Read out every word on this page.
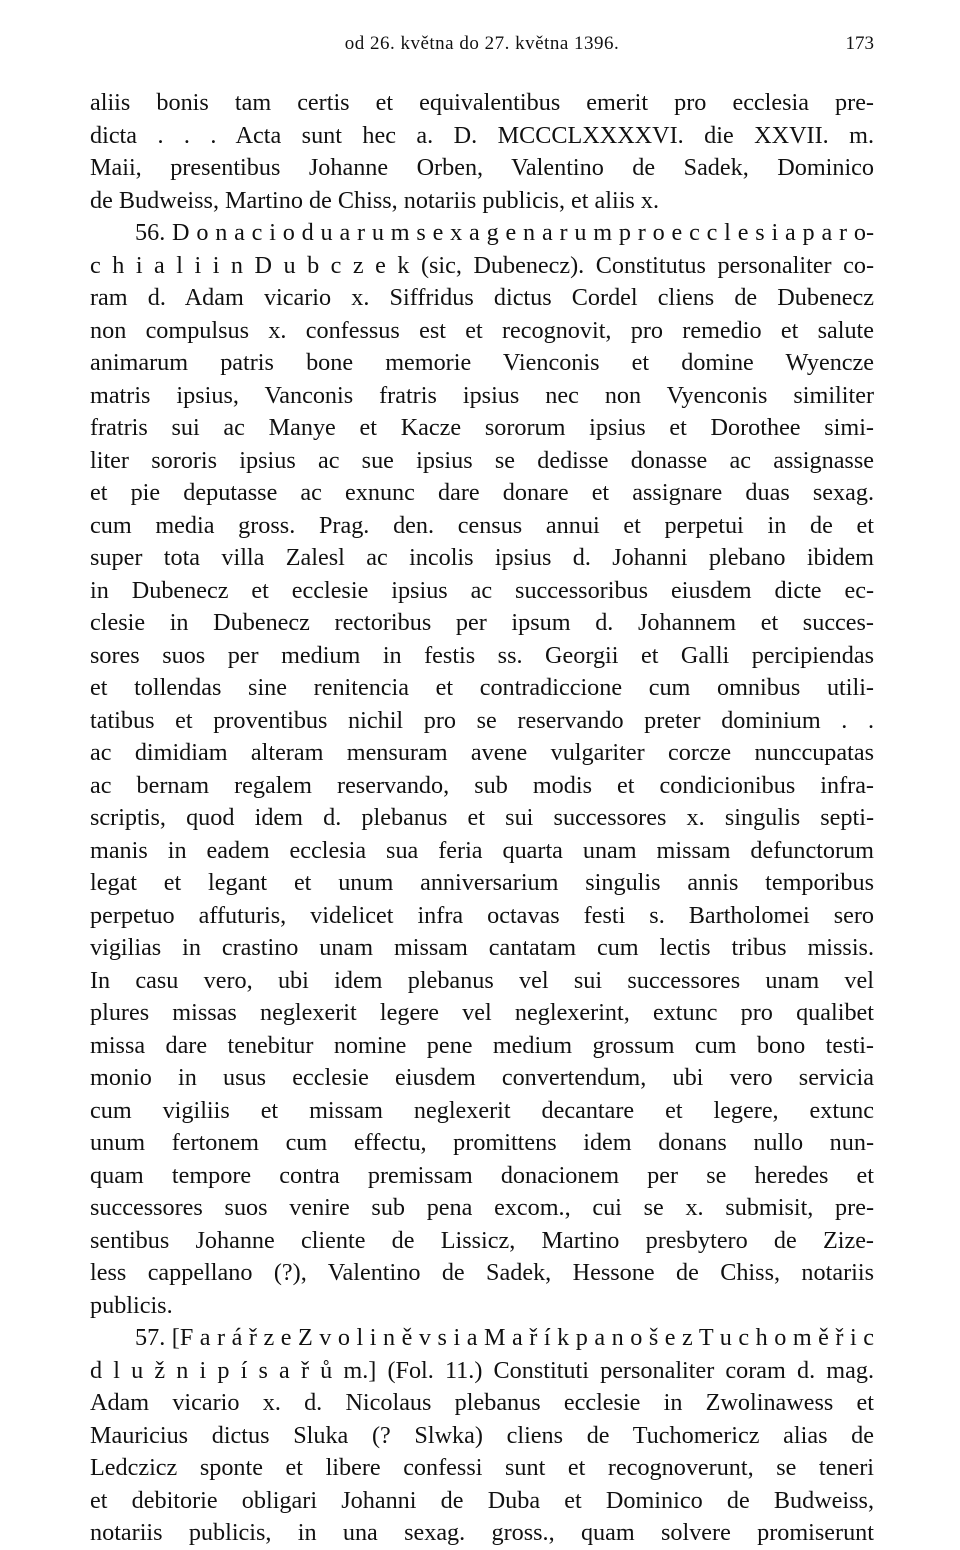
od 26. května do 27. května 1396.	173
aliis bonis tam certis et equivalentibus emerit pro ecclesia pre-
dicta . . . Acta sunt hec a. D. MCCCLXXXXVI. die XXVII. m.
Maii, presentibus Johanne Orben, Valentino de Sadek, Dominico
de Budweiss, Martino de Chiss, notariis publicis, et aliis x.
56. D o n a c i o d u a r u m s e x a g e n a r u m p r o e c c l e s i a p a r o-
c h i a l i i n D u b c z e k (sic, Dubenecz). Constitutus personaliter co-
ram d. Adam vicario x. Siffridus dictus Cordel cliens de Dubenecz
non compulsus x. confessus est et recognovit, pro remedio et salute
animarum patris bone memorie Vienconis et domine Wyencze
matris ipsius, Vanconis fratris ipsius nec non Vyenconis similiter
fratris sui ac Manye et Kacze sororum ipsius et Dorothee simi-
liter sororis ipsius ac sue ipsius se dedisse donasse ac assignasse
et pie deputasse ac exnunc dare donare et assignare duas sexag.
cum media gross. Prag. den. census annui et perpetui in de et
super tota villa Zalesl ac incolis ipsius d. Johanni plebano ibidem
in Dubenecz et ecclesie ipsius ac successoribus eiusdem dicte ec-
clesie in Dubenecz rectoribus per ipsum d. Johannem et succes-
sores suos per medium in festis ss. Georgii et Galli percipiendas
et tollendas sine renitencia et contradiccione cum omnibus utili-
tatibus et proventibus nichil pro se reservando preter dominium . .
ac dimidiam alteram mensuram avene vulgariter corcze nunccupatas
ac bernam regalem reservando, sub modis et condicionibus infra-
scriptis, quod idem d. plebanus et sui successores x. singulis septi-
manis in eadem ecclesia sua feria quarta unam missam defunctorum
legat et legant et unum anniversarium singulis annis temporibus
perpetuo affuturis, videlicet infra octavas festi s. Bartholomei sero
vigilias in crastino unam missam cantatam cum lectis tribus missis.
In casu vero, ubi idem plebanus vel sui successores unam vel
plures missas neglexerit legere vel neglexerint, extunc pro qualibet
missa dare tenebitur nomine pene medium grossum cum bono testi-
monio in usus ecclesie eiusdem convertendum, ubi vero servicia
cum vigiliis et missam neglexerit decantare et legere, extunc
unum fertonem cum effectu, promittens idem donans nullo nun-
quam tempore contra premissam donacionem per se heredes et
successores suos venire sub pena excom., cui se x. submisit, pre-
sentibus Johanne cliente de Lissicz, Martino presbytero de Zize-
less cappellano (?), Valentino de Sadek, Hessone de Chiss, notariis
publicis.
57. [F a r á ř z e Z v o l i n ě v s i a M a ř í k p a n o š e z T u c h o m ě ř i c
d l u ž n i p í s a ř ů m.] (Fol. 11.) Constituti personaliter coram d. mag.
Adam vicario x. d. Nicolaus plebanus ecclesie in Zwolinawess et
Mauricius dictus Sluka (? Slwka) cliens de Tuchomericz alias de
Ledczicz sponte et libere confessi sunt et recognoverunt, se teneri
et debitorie obligari Johanni de Duba et Dominico de Budweiss,
notariis publicis, in una sexag. gross., quam solvere promiserunt
